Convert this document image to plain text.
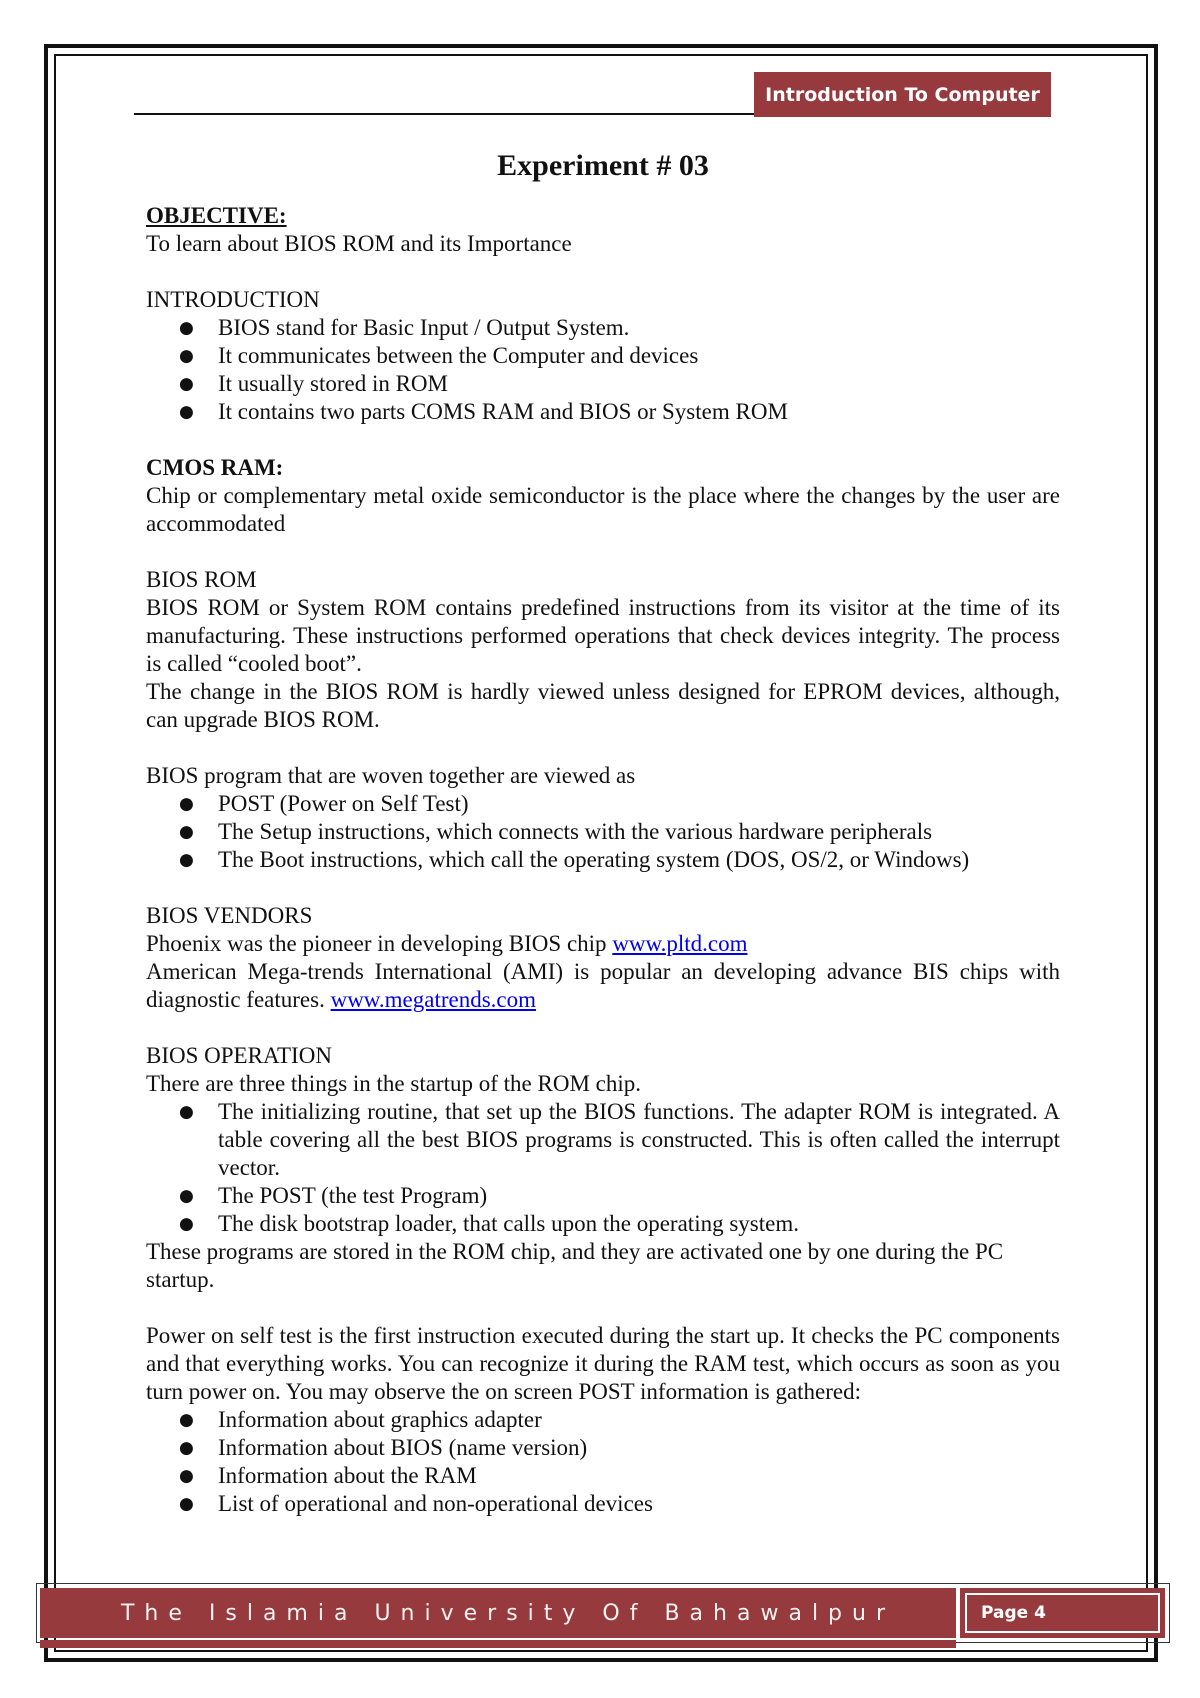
Introduction To Computer
Experiment # 03
OBJECTIVE:

To learn about BIOS ROM and its Importance

INTRODUCTION
● BIOS stand for Basic Input / Output System.
● It communicates between the Computer and devices
● It usually stored in ROM
● It contains two parts COMS RAM and BIOS or System ROM
CMOS RAM:

Chip or complementary metal oxide semiconductor is the place where the changes by the user are accommodated

BIOS ROM

BIOS ROM or System ROM contains predefined instructions from its visitor at the time of its manufacturing. These instructions performed operations that check devices integrity. The process is called “cooled boot”.

The change in the BIOS ROM is hardly viewed unless designed for EPROM devices, although, can upgrade BIOS ROM.

BIOS program that are woven together are viewed as

● POST (Power on Self Test)
● The Setup instructions, which connects with the various hardware peripherals
● The Boot instructions, which call the operating system (DOS, OS/2, or Windows)
BIOS VENDORS

Phoenix was the pioneer in developing BIOS chip www.pltd.com

American Mega-trends International (AMI) is popular an developing advance BIS chips with diagnostic features. www.megatrends.com

BIOS OPERATION

There are three things in the startup of the ROM chip.

● The initializing routine, that set up the BIOS functions. The adapter ROM is integrated. A table covering all the best BIOS programs is constructed. This is often called the interrupt vector.
● The POST (the test Program)
● The disk bootstrap loader, that calls upon the operating system.

These programs are stored in the ROM chip, and they are activated one by one during the PC startup.

Power on self test is the first instruction executed during the start up. It checks the PC components and that everything works. You can recognize it during the RAM test, which occurs as soon as you turn power on. You may observe the on screen POST information is gathered:

● Information about graphics adapter
● Information about BIOS (name version)
● Information about the RAM
● List of operational and non-operational devices
The Islamia University Of Bahawalpur	Page 4
